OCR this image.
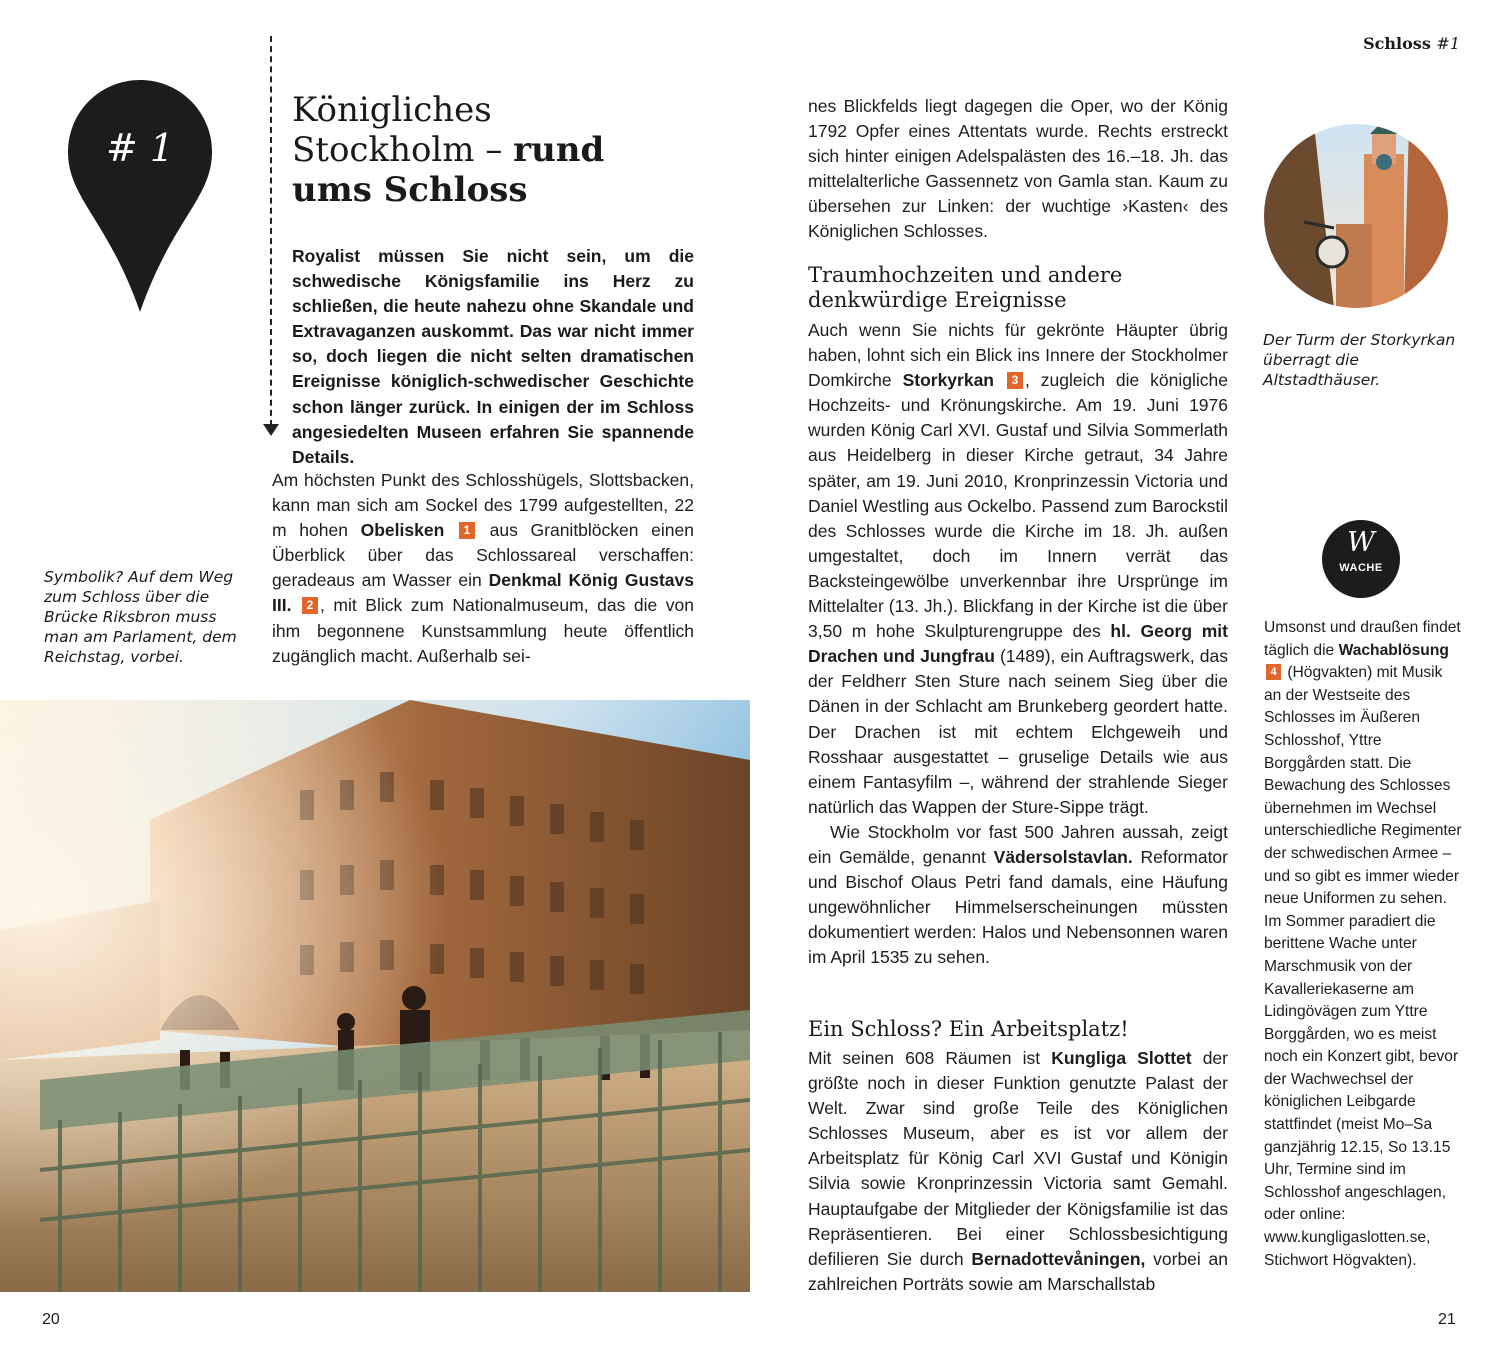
Schloss #1
# 1
Königliches
Stockholm – rund
ums Schloss
Royalist müssen Sie nicht sein, um die schwedische Königsfamilie ins Herz zu schließen, die heute nahezu ohne Skandale und Extravaganzen auskommt. Das war nicht immer so, doch liegen die nicht selten dramatischen Ereignisse königlich-schwedischer Geschichte schon länger zurück. In einigen der im Schloss angesiedelten Museen erfahren Sie spannende Details.
Am höchsten Punkt des Schlosshügels, Slottsbacken, kann man sich am Sockel des 1799 aufgestellten, 22 m hohen Obelisken 1 aus Granitblöcken einen Überblick über das Schlossareal verschaffen: geradeaus am Wasser ein Denkmal König Gustavs III. 2 , mit Blick zum Nationalmuseum, das die von ihm begonnene Kunstsammlung heute öffentlich zugänglich macht. Außerhalb sei-
Symbolik? Auf dem Weg zum Schloss über die Brücke Riksbron muss man am Parlament, dem Reichstag, vorbei.
nes Blickfelds liegt dagegen die Oper, wo der König 1792 Opfer eines Attentats wurde. Rechts erstreckt sich hinter einigen Adelspalästen des 16.–18. Jh. das mittelalterliche Gassennetz von Gamla stan. Kaum zu übersehen zur Linken: der wuchtige ›Kasten‹ des Königlichen Schlosses.
Traumhochzeiten und andere denkwürdige Ereignisse

Auch wenn Sie nichts für gekrönte Häupter übrig haben, lohnt sich ein Blick ins Innere der Stockholmer Domkirche Storkyrkan 3 , zugleich die königliche Hochzeits- und Krönungskirche. Am 19. Juni 1976 wurden König Carl XVI. Gustaf und Silvia Sommerlath aus Heidelberg in dieser Kirche getraut, 34 Jahre später, am 19. Juni 2010, Kronprinzessin Victoria und Daniel Westling aus Ockelbo. Passend zum Barockstil des Schlosses wurde die Kirche im 18. Jh. außen umgestaltet, doch im Innern verrät das Backsteingewölbe unverkennbar ihre Ursprünge im Mittelalter (13. Jh.). Blickfang in der Kirche ist die über 3,50 m hohe Skulpturengruppe des hl. Georg mit Drachen und Jungfrau (1489), ein Auftragswerk, das der Feldherr Sten Sture nach seinem Sieg über die Dänen in der Schlacht am Brunkeberg geordert hatte. Der Drachen ist mit echtem Elchgeweih und Rosshaar ausgestattet – gruselige Details wie aus einem Fantasyfilm –, während der strahlende Sieger natürlich das Wappen der Sture-Sippe trägt.

Wie Stockholm vor fast 500 Jahren aussah, zeigt ein Gemälde, genannt Vädersolstavlan. Reformator und Bischof Olaus Petri fand damals, eine Häufung ungewöhnlicher Himmelserscheinungen müssten dokumentiert werden: Halos und Nebensonnen waren im April 1535 zu sehen.

Ein Schloss? Ein Arbeitsplatz!
Mit seinen 608 Räumen ist Kungliga Slottet der größte noch in dieser Funktion genutzte Palast der Welt. Zwar sind große Teile des Königlichen Schlosses Museum, aber es ist vor allem der Arbeitsplatz für König Carl XVI Gustaf und Königin Silvia sowie Kronprinzessin Victoria samt Gemahl. Hauptaufgabe der Mitglieder der Königsfamilie ist das Repräsentieren. Bei einer Schlossbesichtigung defilieren Sie durch Bernadottevåningen, vorbei an zahlreichen Porträts sowie am Marschallstab
Der Turm der Storkyrkan überragt die Altstadthäuser.
W
WACHE
Umsonst und draußen findet täglich die Wachablösung 4 (Högvakten) mit Musik an der Westseite des Schlosses im Äußeren Schlosshof, Yttre Borggården statt. Die Bewachung des Schlosses übernehmen im Wechsel unterschiedliche Regimenter der schwedischen Armee – und so gibt es immer wieder neue Uniformen zu sehen. Im Sommer paradiert die berittene Wache unter Marschmusik von der Kavalleriekaserne am Lidingövägen zum Yttre Borggården, wo es meist noch ein Konzert gibt, bevor der Wachwechsel der königlichen Leibgarde stattfindet (meist Mo–Sa ganzjährig 12.15, So 13.15 Uhr, Termine sind im Schlosshof angeschlagen, oder online: www.kungligaslotten.se, Stichwort Högvakten).
20	21
